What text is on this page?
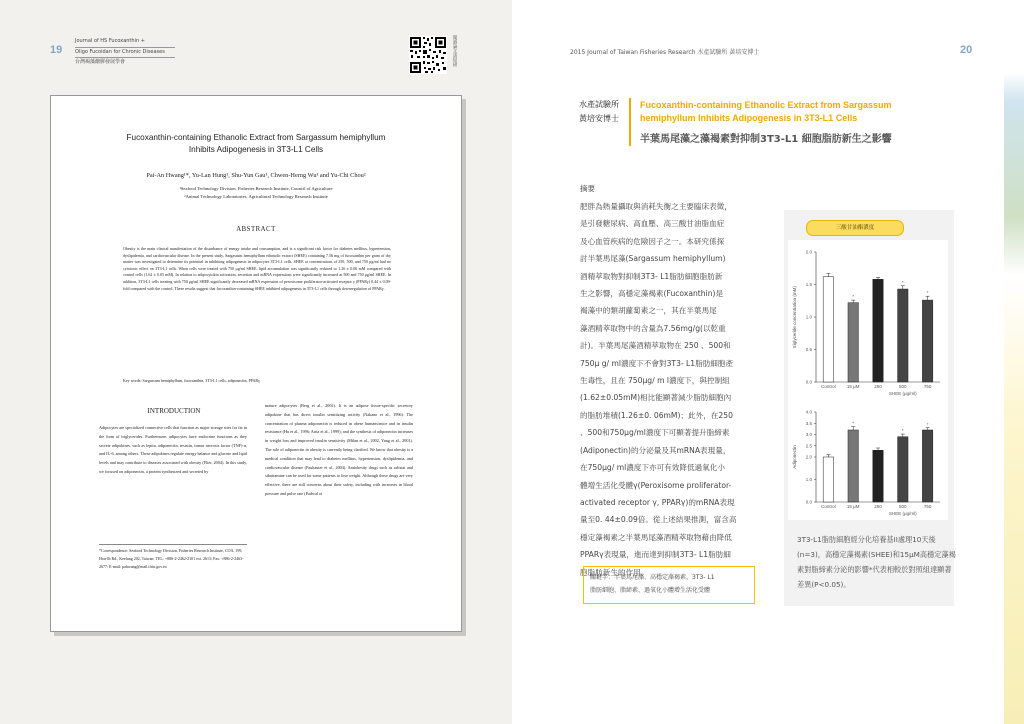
19
Journal of HS Fucoxanthin +
Oligo Fucoidan for Chronic Diseases
台灣褐藻醣膠發展學會	閱讀論文請掃描
Fucoxanthin-containing Ethanolic Extract from Sargassum hemiphyllum
Inhibits Adipogenesis in 3T3-L1 Cells
Pai-An Hwang¹*, Yu-Lan Hung¹, Shu-Yun Gau¹, Chwen-Herng Wu¹ and Yu-Chi Chou²
¹Seafood Technology Division, Fisheries Research Institute, Council of Agriculture
²Animal Technology Laboratories, Agricultural Technology Research Institute
ABSTRACT
Obesity is the main clinical manifestation of the disturbance of energy intake and consumption, and is a significant risk factor for diabetes mellitus, hypertension, dyslipidemia, and cardiovascular disease. In the present study, Sargassum hemiphyllum ethanolic extract (SHEE) containing 7.56 mg of fucoxanthin per gram of dry matter was investigated to determine its potential in inhibiting adipogenesis in adipocytes 3T3-L1 cells. SHEE at concentrations of 250, 500, and 750 μg/ml had no cytotoxic effect on 3T3-L1 cells. When cells were treated with 750 μg/ml SHEE, lipid accumulation was significantly reduced to 1.26 ± 0.06 mM compared with control cells (1.62 ± 0.05 mM). In relation to adipocytokin activation, secretion and mRNA expressions were significantly increased at 500 and 750 μg/ml SHEE. In addition, 3T3-L1 cells treating with 750 μg/ml SHEE significantly decreased mRNA expression of peroxisome proliferator-activated receptor γ (PPARγ) 0.44 ± 0.09-fold compared with the control. These results suggest that fucoxanthin-containing SHEE inhibited adipogenesis in 3T3-L1 cells through downregulation of PPARγ.
Key words: Sargassum hemiphyllum, fucoxanthin, 3T3-L1 cells, adiponectin, PPARγ
INTRODUCTION
Adipocytes are specialized connective cells that function as major storage sites for fat in the form of triglycerides. Furthermore, adipocytes have endocrine functions as they secrete adipokines, such as leptin, adiponectin, resistin, tumor necrosis factor (TNF)-α, and IL-6, among others. These adipokines regulate energy balance and glucose and lipid levels and may contribute to diseases associated with obesity (Flier, 2004). In this study, we focused on adiponectin, a protein synthesized and secreted by
mature adipocytes (Berg et al., 2002). It is an adipose tissue-specific secretory adipokine that has direct insulin sensitizing activity (Nakano et al., 1996). The concentration of plasma adiponectin is reduced in obese humans/mice and in insulin resistance (Hu et al., 1996; Arita et al., 1999); and the synthesis of adiponectin increases in weight loss and improved insulin sensitivity (Milan et al., 2002, Yang et al., 2001). The role of adiponectin in obesity is currently being clarified. We know that obesity is a medical condition that may lead to diabetes mellitus, hypertension, dyslipidemia, and cardiovascular disease (Fauhauter et al., 2004). Antiobesity drugs such as orlistat and sibutramine can be used for some patients to lose weight. Although these drugs are very effective, there are still concerns about their safety, including with increases in blood pressure and pulse rate (Padwal et
*Correspondence: Seafood Technology Division, Fisheries Research Institute, COA, 199, Hou-Ih Rd., Keelung 202, Taiwan; TEL: +886-2-2462-2101 ext. 2613; Fax: +886-2-2463-2677; E-mail: pahwang@mail.tfrin.gov.tw
2015 Journal of Taiwan Fisheries Research 水產試驗所 黃培安博士	20
水產試驗所
黃培安博士
Fucoxanthin-containing Ethanolic Extract from Sargassum
hemiphyllum Inhibits Adipogenesis in 3T3-L1 Cells
半葉馬尾藻之藻褐素對抑制3T3-L1 細胞脂肪新生之影響
摘要
肥胖為熱量攝取與消耗失衡之主要臨床表徵，
是引發糖尿病、高血壓、高三酸甘油脂血症
及心血管疾病的危險因子之一。本研究係探
討半葉馬尾藻(Sargassum hemiphyllum)
酒精萃取物對抑制3T3- L1脂肪細胞脂肪新
生之影響，高穩定藻褐素(Fucoxanthin)是
褐藻中的類胡蘿蔔素之一，其在半葉馬尾
藻酒精萃取物中的含量為7.56mg/g(以乾重
計)。半葉馬尾藻酒精萃取物在 250 、500和
750μ g/ ml濃度下不會對3T3- L1脂肪細胞產
生毒性，且在 750μg/ m l濃度下，與控制組
(1.62±0.05mM)相比能顯著減少脂肪細胞內
的脂肪堆積(1.26±0. 06mM)；此外，在250
、500和750μg/ml濃度下可顯著提升脂締素
(Adiponectin)的分泌量及其mRNA表現量，
在750μg/ ml濃度下亦可有效降低過氧化小
體增生活化受體γ(Peroxisome proliferator-
activated receptor γ, PPARγ)的mRNA表現
量至0. 44±0.09倍。從上述結果推測，富含高
穩定藻褐素之半葉馬尾藻酒精萃取物藉由降低
PPARγ表現量，進而達到抑制3T3- L1脂肪細
胞脂肪新生的作用。
關鍵字：半葉馬尾藻、高穩定藻褐素、3T3- L1
脂肪細胞、脂締素、過氧化小體增生活化受體
三酸甘油酯濃度
0.0
0.5
1.0
1.5
2.0
triglyceride concentration (mM)
Control
*
15 μM	250
*
500
*
750
SHEE (μg/ml)
0.0
1.0
2.0
2.5
3.0
3.5
4.0
Adiponectin
Control
*
15 μM	250
*
500
*
750
SHEE (μg/ml)
3T3-L1脂肪細胞經分化培養基II處理10天後(n=3)，高穩定藻褐素(SHEE)和15μM高穩定藻褐素對脂締素分泌的影響*代表相較於對照組達顯著差異(P<0.05)。
